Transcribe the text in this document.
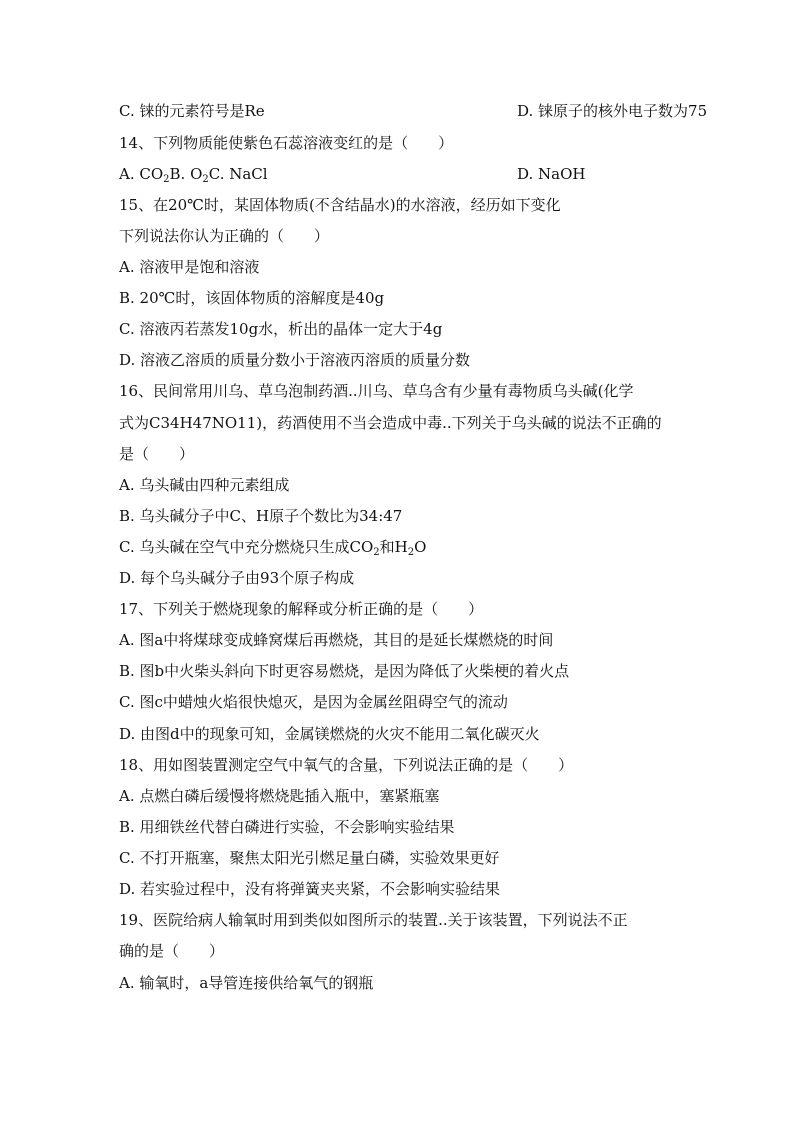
C. 铼的元素符号是Re	D. 铼原子的核外电子数为75
14、下列物质能使紫色石蕊溶液变红的是（　　）
A. $CO_2B$. $O_2C$. NaCl	D. NaOH
15、在20℃时，某固体物质(不含结晶水)的水溶液，经历如下变化
下列说法你认为正确的（　　）
A. 溶液甲是饱和溶液
B. 20℃时，该固体物质的溶解度是40g
C. 溶液丙若蒸发10g水，析出的晶体一定大于4g
D. 溶液乙溶质的质量分数小于溶液丙溶质的质量分数
16、民间常用川乌、草乌泡制药酒..川乌、草乌含有少量有毒物质乌头碱(化学
式为C34H47NO11)，药酒使用不当会造成中毒..下列关于乌头碱的说法不正确的
是（　　）
A. 乌头碱由四种元素组成
B. 乌头碱分子中C、H原子个数比为34:47
C. 乌头碱在空气中充分燃烧只生成$CO_2$和$H_2O$
D. 每个乌头碱分子由93个原子构成
17、下列关于燃烧现象的解释或分析正确的是（　　）
A. 图a中将煤球变成蜂窝煤后再燃烧，其目的是延长煤燃烧的时间
B. 图b中火柴头斜向下时更容易燃烧，是因为降低了火柴梗的着火点
C. 图c中蜡烛火焰很快熄灭，是因为金属丝阻碍空气的流动
D. 由图d中的现象可知，金属镁燃烧的火灾不能用二氧化碳灭火
18、用如图装置测定空气中氧气的含量，下列说法正确的是（　　）
A. 点燃白磷后缓慢将燃烧匙插入瓶中，塞紧瓶塞
B. 用细铁丝代替白磷进行实验，不会影响实验结果
C. 不打开瓶塞，聚焦太阳光引燃足量白磷，实验效果更好
D. 若实验过程中，没有将弹簧夹夹紧，不会影响实验结果
19、医院给病人输氧时用到类似如图所示的装置..关于该装置，下列说法不正
确的是（　　）
A. 输氧时，a导管连接供给氧气的钢瓶
